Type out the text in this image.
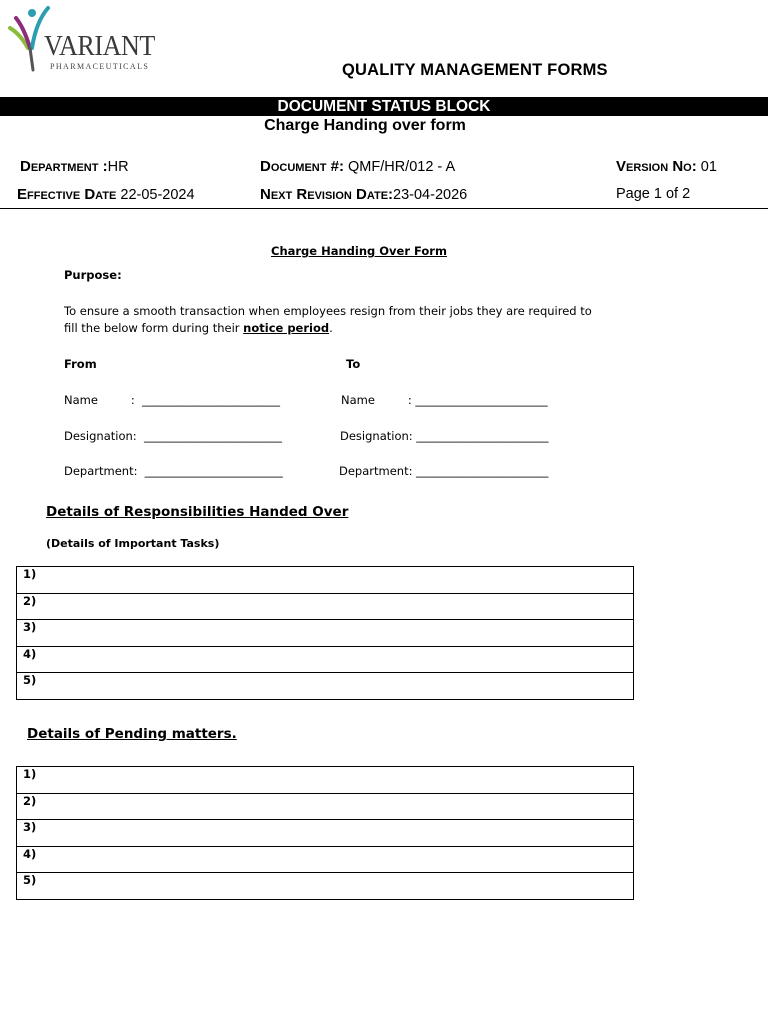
VARIANT
PHARMACEUTICALS	QUALITY MANAGEMENT FORMS
DOCUMENT STATUS BLOCK
Charge Handing over form
Department :HR	Document #: QMF/HR/012 - A	Version No: 01
Effective Date 22-05-2024	Next Revision Date:23-04-2026	Page 1 of 2
Charge Handing Over Form
Purpose:
To ensure a smooth transaction when employees resign from their jobs they are required to
fill the below form during their notice period.
From	To
Name         :  ________________________	Name         : _______________________
Designation:  ________________________	Designation: _______________________
Department:  ________________________	Department: _______________________
Details of Responsibilities Handed Over
(Details of Important Tasks)
1)
2)
3)
4)
5)
Details of Pending matters.
1)
2)
3)
4)
5)
